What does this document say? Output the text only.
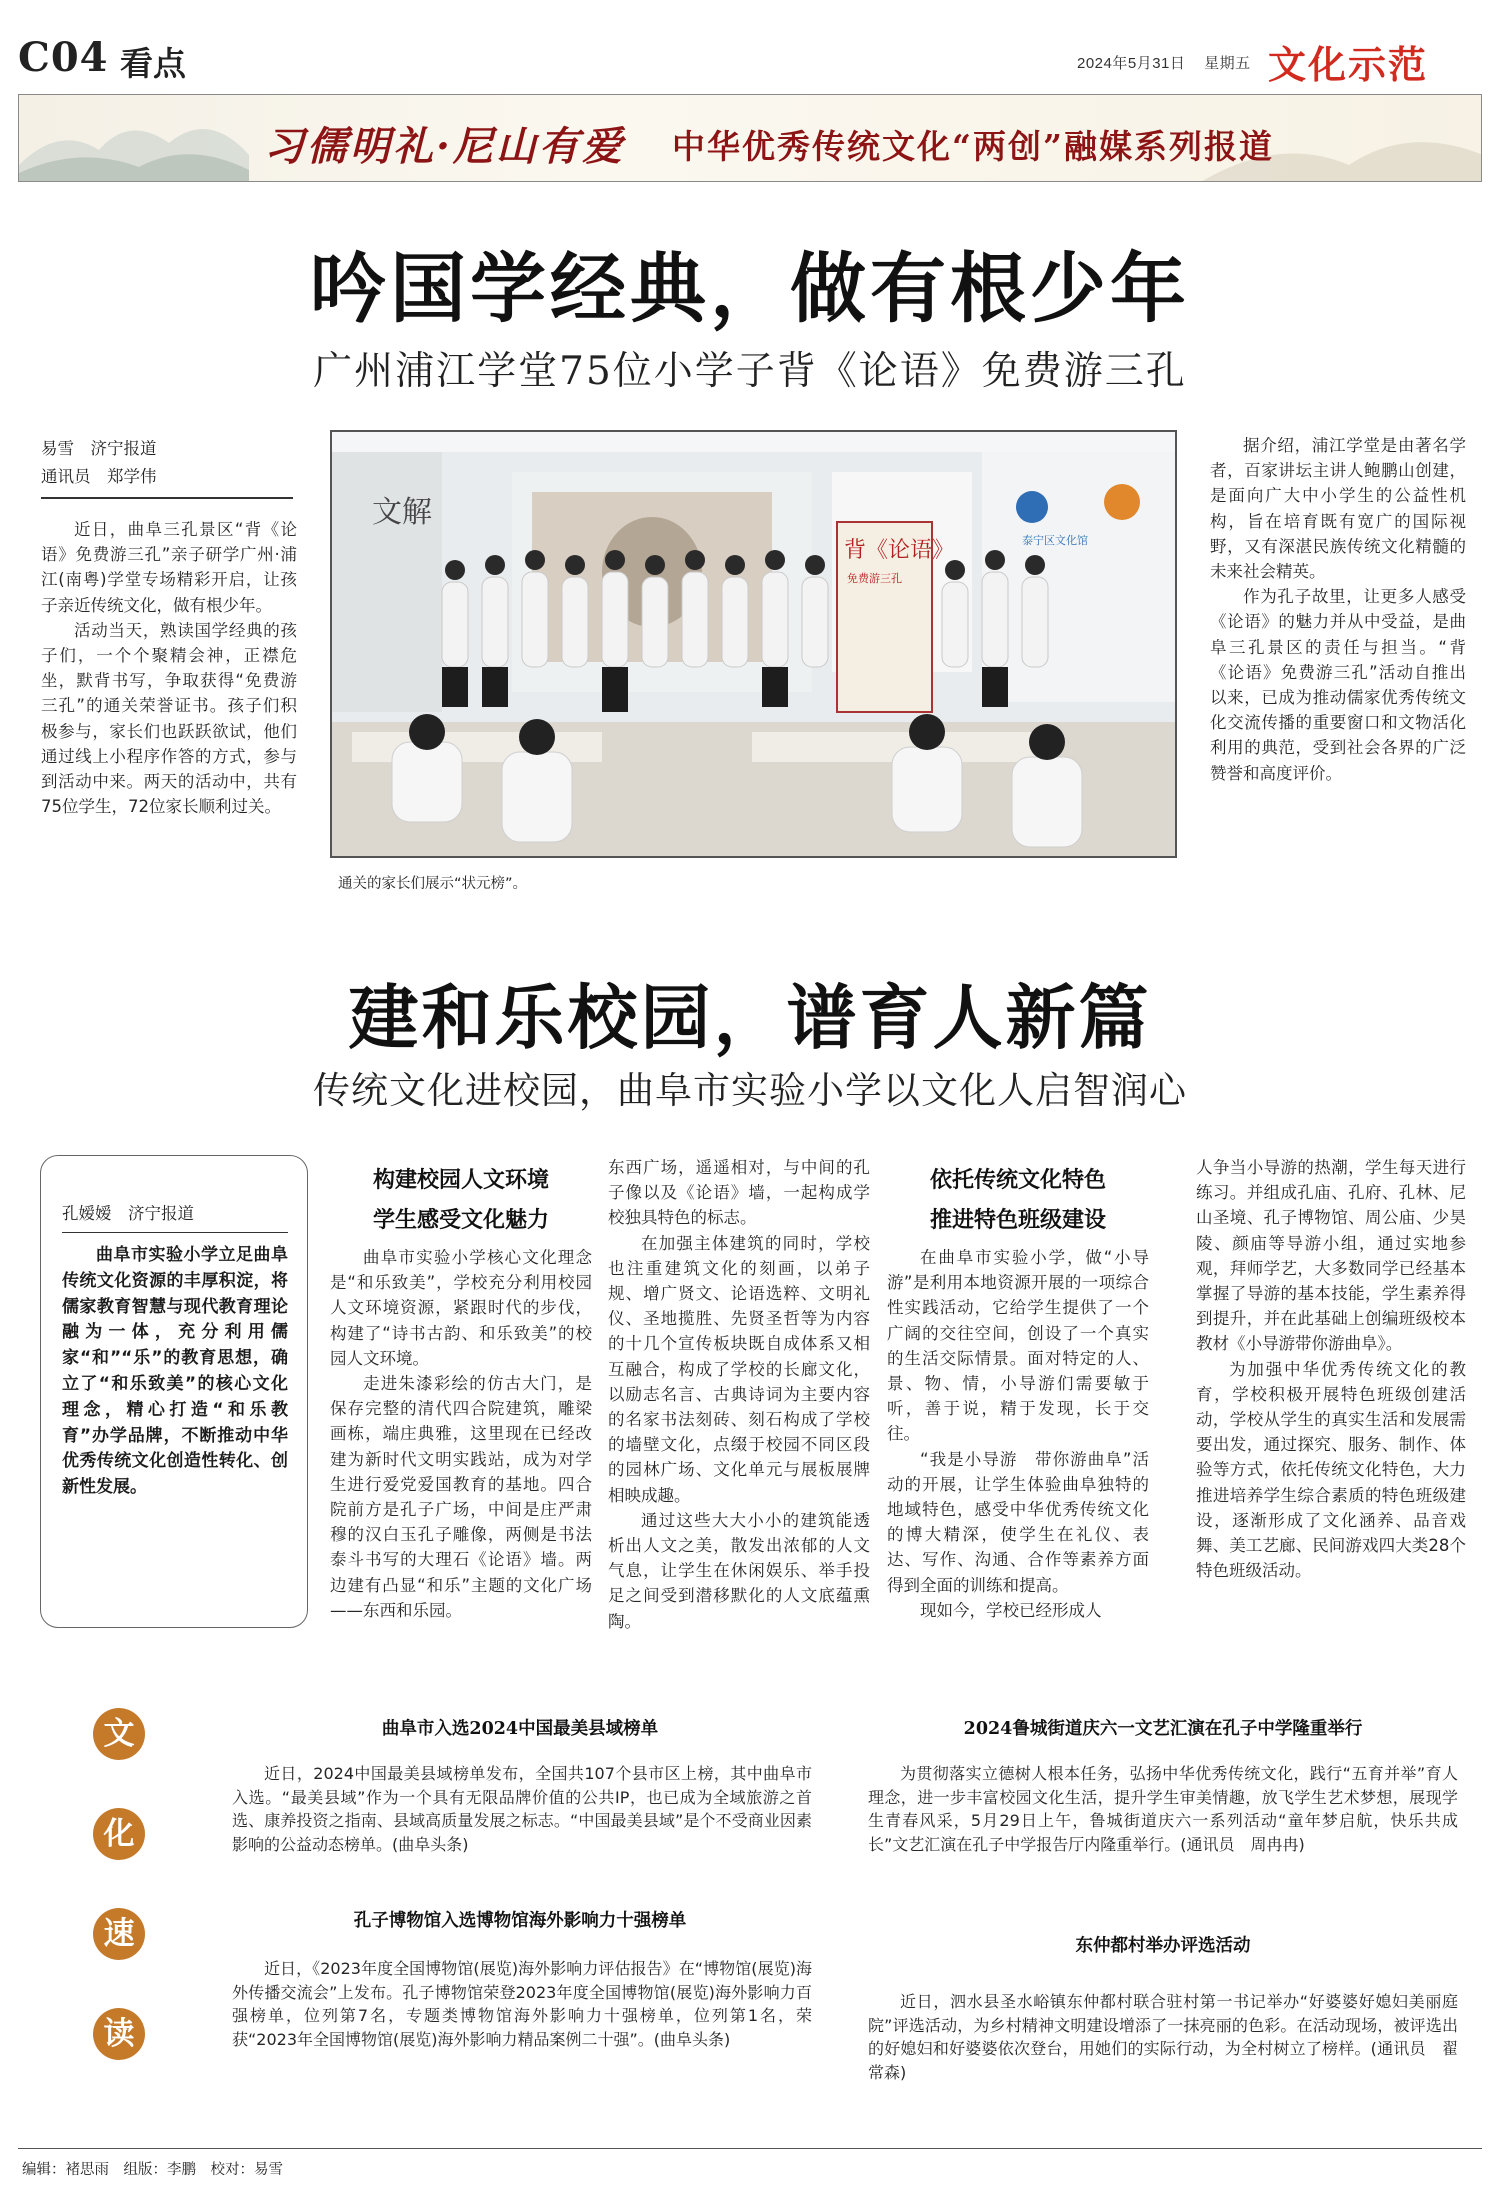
C04 看点	2024年5月31日 星期五 文化示范
习儒明礼·尼山有爱 中华优秀传统文化“两创”融媒系列报道
吟国学经典，做有根少年
广州浦江学堂75位小学子背《论语》免费游三孔
易雪　济宁报道
通讯员　郑学伟

近日，曲阜三孔景区“背《论语》免费游三孔”亲子研学广州·浦江(南粤)学堂专场精彩开启，让孩子亲近传统文化，做有根少年。

活动当天，熟读国学经典的孩子们，一个个聚精会神，正襟危坐，默背书写，争取获得“免费游三孔”的通关荣誉证书。孩子们积极参与，家长们也跃跃欲试，他们通过线上小程序作答的方式，参与到活动中来。两天的活动中，共有75位学生，72位家长顺利过关。

泰宁区文化馆
文解
背《论语》
免费游三孔
通关的家长们展示“状元榜”。

据介绍，浦江学堂是由著名学者，百家讲坛主讲人鲍鹏山创建，是面向广大中小学生的公益性机构，旨在培育既有宽广的国际视野，又有深湛民族传统文化精髓的未来社会精英。

作为孔子故里，让更多人感受《论语》的魅力并从中受益，是曲阜三孔景区的责任与担当。“背《论语》免费游三孔”活动自推出以来，已成为推动儒家优秀传统文化交流传播的重要窗口和文物活化利用的典范，受到社会各界的广泛赞誉和高度评价。

建和乐校园，谱育人新篇
传统文化进校园，曲阜市实验小学以文化人启智润心
孔嫒嫒　济宁报道
曲阜市实验小学立足曲阜传统文化资源的丰厚积淀，将儒家教育智慧与现代教育理论融为一体，充分利用儒家“和”“乐”的教育思想，确立了“和乐致美”的核心文化理念，精心打造“和乐教育”办学品牌，不断推动中华优秀传统文化创造性转化、创新性发展。
构建校园人文环境
学生感受文化魅力

曲阜市实验小学核心文化理念是“和乐致美”，学校充分利用校园人文环境资源，紧跟时代的步伐，构建了“诗书古韵、和乐致美”的校园人文环境。

走进朱漆彩绘的仿古大门，是保存完整的清代四合院建筑，雕梁画栋，端庄典雅，这里现在已经改建为新时代文明实践站，成为对学生进行爱党爱国教育的基地。四合院前方是孔子广场，中间是庄严肃穆的汉白玉孔子雕像，两侧是书法泰斗书写的大理石《论语》墙。两边建有凸显“和乐”主题的文化广场——东西和乐园。

东西广场，遥遥相对，与中间的孔子像以及《论语》墙，一起构成学校独具特色的标志。

在加强主体建筑的同时，学校也注重建筑文化的刻画，以弟子规、增广贤文、论语选粹、文明礼仪、圣地揽胜、先贤圣哲等为内容的十几个宣传板块既自成体系又相互融合，构成了学校的长廊文化，以励志名言、古典诗词为主要内容的名家书法刻砖、刻石构成了学校的墙壁文化，点缀于校园不同区段的园林广场、文化单元与展板展牌相映成趣。

通过这些大大小小的建筑能透析出人文之美，散发出浓郁的人文气息，让学生在休闲娱乐、举手投足之间受到潜移默化的人文底蕴熏陶。

依托传统文化特色
推进特色班级建设

在曲阜市实验小学，做“小导游”是利用本地资源开展的一项综合性实践活动，它给学生提供了一个广阔的交往空间，创设了一个真实的生活交际情景。面对特定的人、景、物、情，小导游们需要敏于听，善于说，精于发现，长于交往。

“我是小导游　带你游曲阜”活动的开展，让学生体验曲阜独特的地域特色，感受中华优秀传统文化的博大精深，使学生在礼仪、表达、写作、沟通、合作等素养方面得到全面的训练和提高。

现如今，学校已经形成人

人争当小导游的热潮，学生每天进行练习。并组成孔庙、孔府、孔林、尼山圣境、孔子博物馆、周公庙、少昊陵、颜庙等导游小组，通过实地参观，拜师学艺，大多数同学已经基本掌握了导游的基本技能，学生素养得到提升，并在此基础上创编班级校本教材《小导游带你游曲阜》。

为加强中华优秀传统文化的教育，学校积极开展特色班级创建活动，学校从学生的真实生活和发展需要出发，通过探究、服务、制作、体验等方式，依托传统文化特色，大力推进培养学生综合素质的特色班级建设，逐渐形成了文化涵养、品音戏舞、美工艺廊、民间游戏四大类28个特色班级活动。

文
化
速
读
曲阜市入选2024中国最美县域榜单
近日，2024中国最美县域榜单发布，全国共107个县市区上榜，其中曲阜市入选。“最美县域”作为一个具有无限品牌价值的公共IP，也已成为全域旅游之首选、康养投资之指南、县域高质量发展之标志。“中国最美县域”是个不受商业因素影响的公益动态榜单。(曲阜头条)
孔子博物馆入选博物馆海外影响力十强榜单
近日，《2023年度全国博物馆(展览)海外影响力评估报告》在“博物馆(展览)海外传播交流会”上发布。孔子博物馆荣登2023年度全国博物馆(展览)海外影响力百强榜单，位列第7名，专题类博物馆海外影响力十强榜单，位列第1名，荣获“2023年全国博物馆(展览)海外影响力精品案例二十强”。(曲阜头条)
2024鲁城街道庆六一文艺汇演在孔子中学隆重举行
为贯彻落实立德树人根本任务，弘扬中华优秀传统文化，践行“五育并举”育人理念，进一步丰富校园文化生活，提升学生审美情趣，放飞学生艺术梦想，展现学生青春风采，5月29日上午，鲁城街道庆六一系列活动“童年梦启航，快乐共成长”文艺汇演在孔子中学报告厅内隆重举行。(通讯员　周冉冉)
东仲都村举办评选活动
近日，泗水县圣水峪镇东仲都村联合驻村第一书记举办“好婆婆好媳妇美丽庭院”评选活动，为乡村精神文明建设增添了一抹亮丽的色彩。在活动现场，被评选出的好媳妇和好婆婆依次登台，用她们的实际行动，为全村树立了榜样。(通讯员　翟常森)
编辑：褚思雨　组版：李鹏　校对：易雪
